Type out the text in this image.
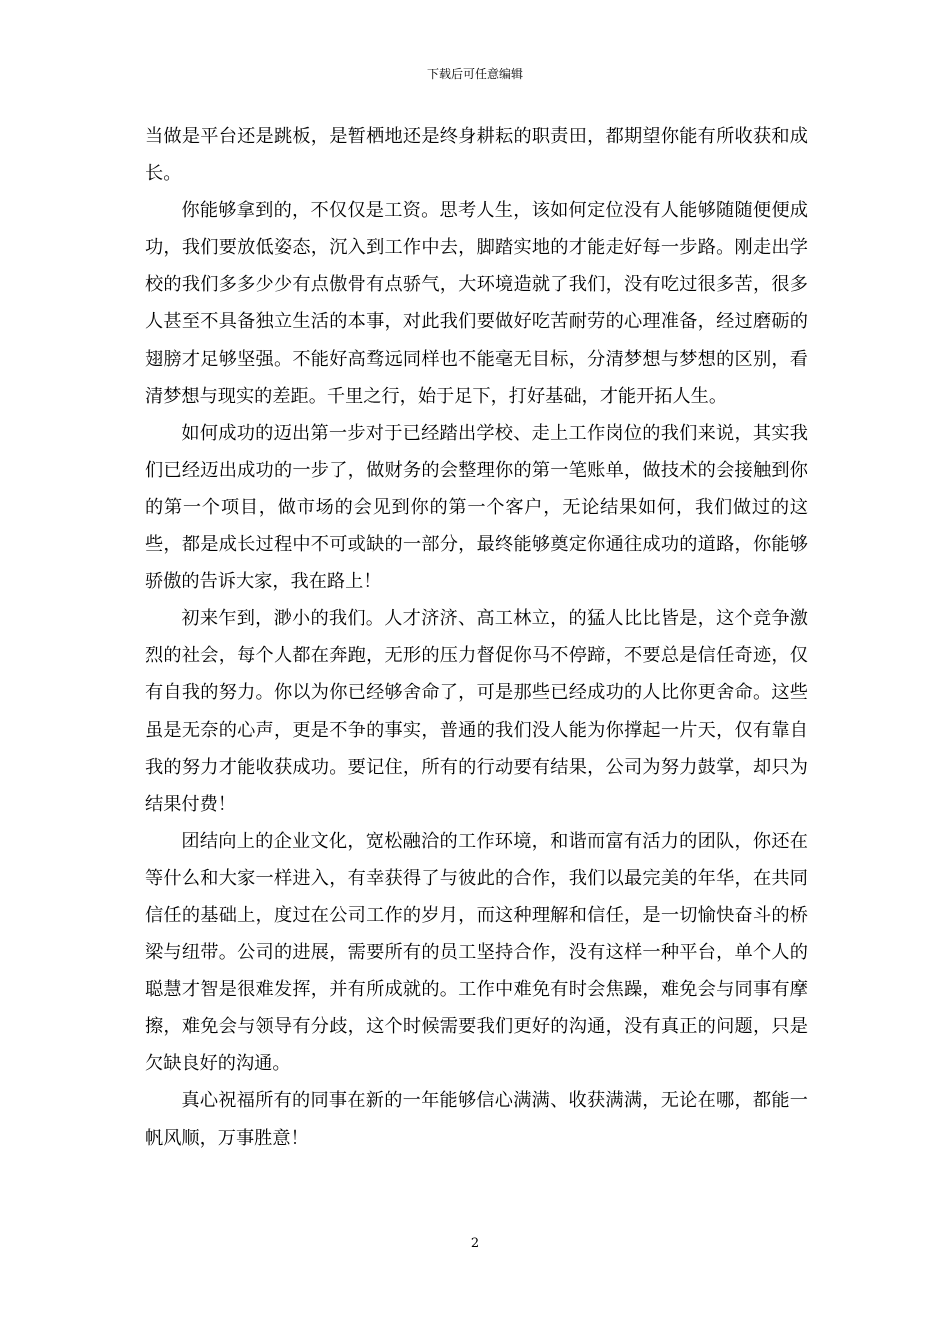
下载后可任意编辑

当做是平台还是跳板，是暂栖地还是终身耕耘的职责田，都期望你能有所收获和成长。

你能够拿到的，不仅仅是工资。思考人生，该如何定位没有人能够随随便便成功，我们要放低姿态，沉入到工作中去，脚踏实地的才能走好每一步路。刚走出学校的我们多多少少有点傲骨有点骄气，大环境造就了我们，没有吃过很多苦，很多人甚至不具备独立生活的本事，对此我们要做好吃苦耐劳的心理准备，经过磨砺的翅膀才足够坚强。不能好高骛远同样也不能毫无目标，分清梦想与梦想的区别，看清梦想与现实的差距。千里之行，始于足下，打好基础，才能开拓人生。

如何成功的迈出第一步对于已经踏出学校、走上工作岗位的我们来说，其实我们已经迈出成功的一步了，做财务的会整理你的第一笔账单，做技术的会接触到你的第一个项目，做市场的会见到你的第一个客户，无论结果如何，我们做过的这些，都是成长过程中不可或缺的一部分，最终能够奠定你通往成功的道路，你能够骄傲的告诉大家，我在路上！

初来乍到，渺小的我们。人才济济、高工林立，的猛人比比皆是，这个竞争激烈的社会，每个人都在奔跑，无形的压力督促你马不停蹄，不要总是信任奇迹，仅有自我的努力。你以为你已经够舍命了，可是那些已经成功的人比你更舍命。这些虽是无奈的心声，更是不争的事实，普通的我们没人能为你撑起一片天，仅有靠自我的努力才能收获成功。要记住，所有的行动要有结果，公司为努力鼓掌，却只为结果付费！

团结向上的企业文化，宽松融洽的工作环境，和谐而富有活力的团队，你还在等什么和大家一样进入，有幸获得了与彼此的合作，我们以最完美的年华，在共同信任的基础上，度过在公司工作的岁月，而这种理解和信任，是一切愉快奋斗的桥梁与纽带。公司的进展，需要所有的员工坚持合作，没有这样一种平台，单个人的聪慧才智是很难发挥，并有所成就的。工作中难免有时会焦躁，难免会与同事有摩擦，难免会与领导有分歧，这个时候需要我们更好的沟通，没有真正的问题，只是欠缺良好的沟通。

真心祝福所有的同事在新的一年能够信心满满、收获满满，无论在哪，都能一帆风顺，万事胜意！

2
